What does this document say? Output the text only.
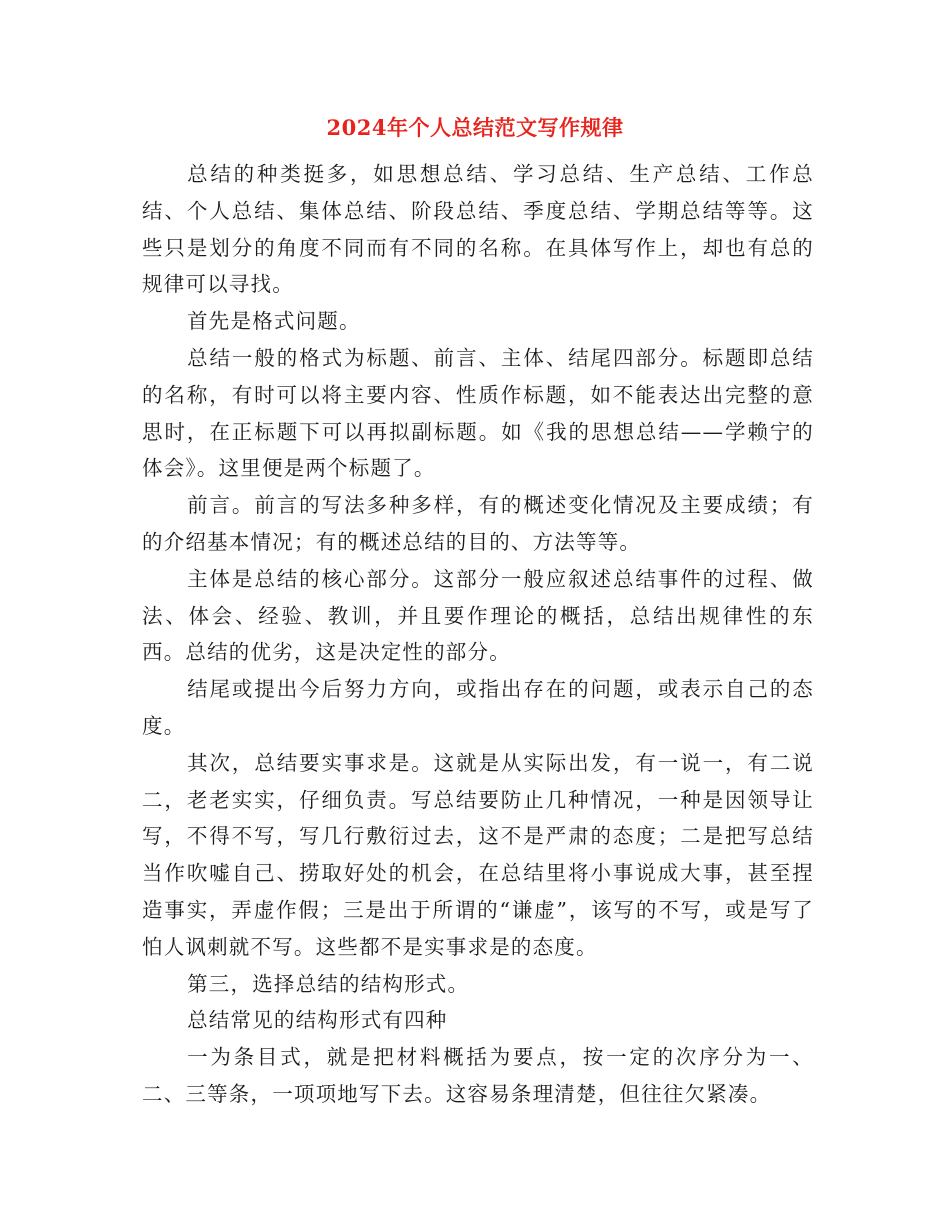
2024年个人总结范文写作规律

总结的种类挺多，如思想总结、学习总结、生产总结、工作总结、个人总结、集体总结、阶段总结、季度总结、学期总结等等。这些只是划分的角度不同而有不同的名称。在具体写作上，却也有总的规律可以寻找。

首先是格式问题。

总结一般的格式为标题、前言、主体、结尾四部分。标题即总结的名称，有时可以将主要内容、性质作标题，如不能表达出完整的意思时，在正标题下可以再拟副标题。如《我的思想总结——学赖宁的体会》。这里便是两个标题了。

前言。前言的写法多种多样，有的概述变化情况及主要成绩；有的介绍基本情况；有的概述总结的目的、方法等等。

主体是总结的核心部分。这部分一般应叙述总结事件的过程、做法、体会、经验、教训，并且要作理论的概括，总结出规律性的东西。总结的优劣，这是决定性的部分。

结尾或提出今后努力方向，或指出存在的问题，或表示自己的态度。

其次，总结要实事求是。这就是从实际出发，有一说一，有二说二，老老实实，仔细负责。写总结要防止几种情况，一种是因领导让写，不得不写，写几行敷衍过去，这不是严肃的态度；二是把写总结当作吹嘘自己、捞取好处的机会，在总结里将小事说成大事，甚至捏造事实，弄虚作假；三是出于所谓的“谦虚”，该写的不写，或是写了怕人讽刺就不写。这些都不是实事求是的态度。

第三，选择总结的结构形式。

总结常见的结构形式有四种

一为条目式，就是把材料概括为要点，按一定的次序分为一、二、三等条，一项项地写下去。这容易条理清楚，但往往欠紧凑。
